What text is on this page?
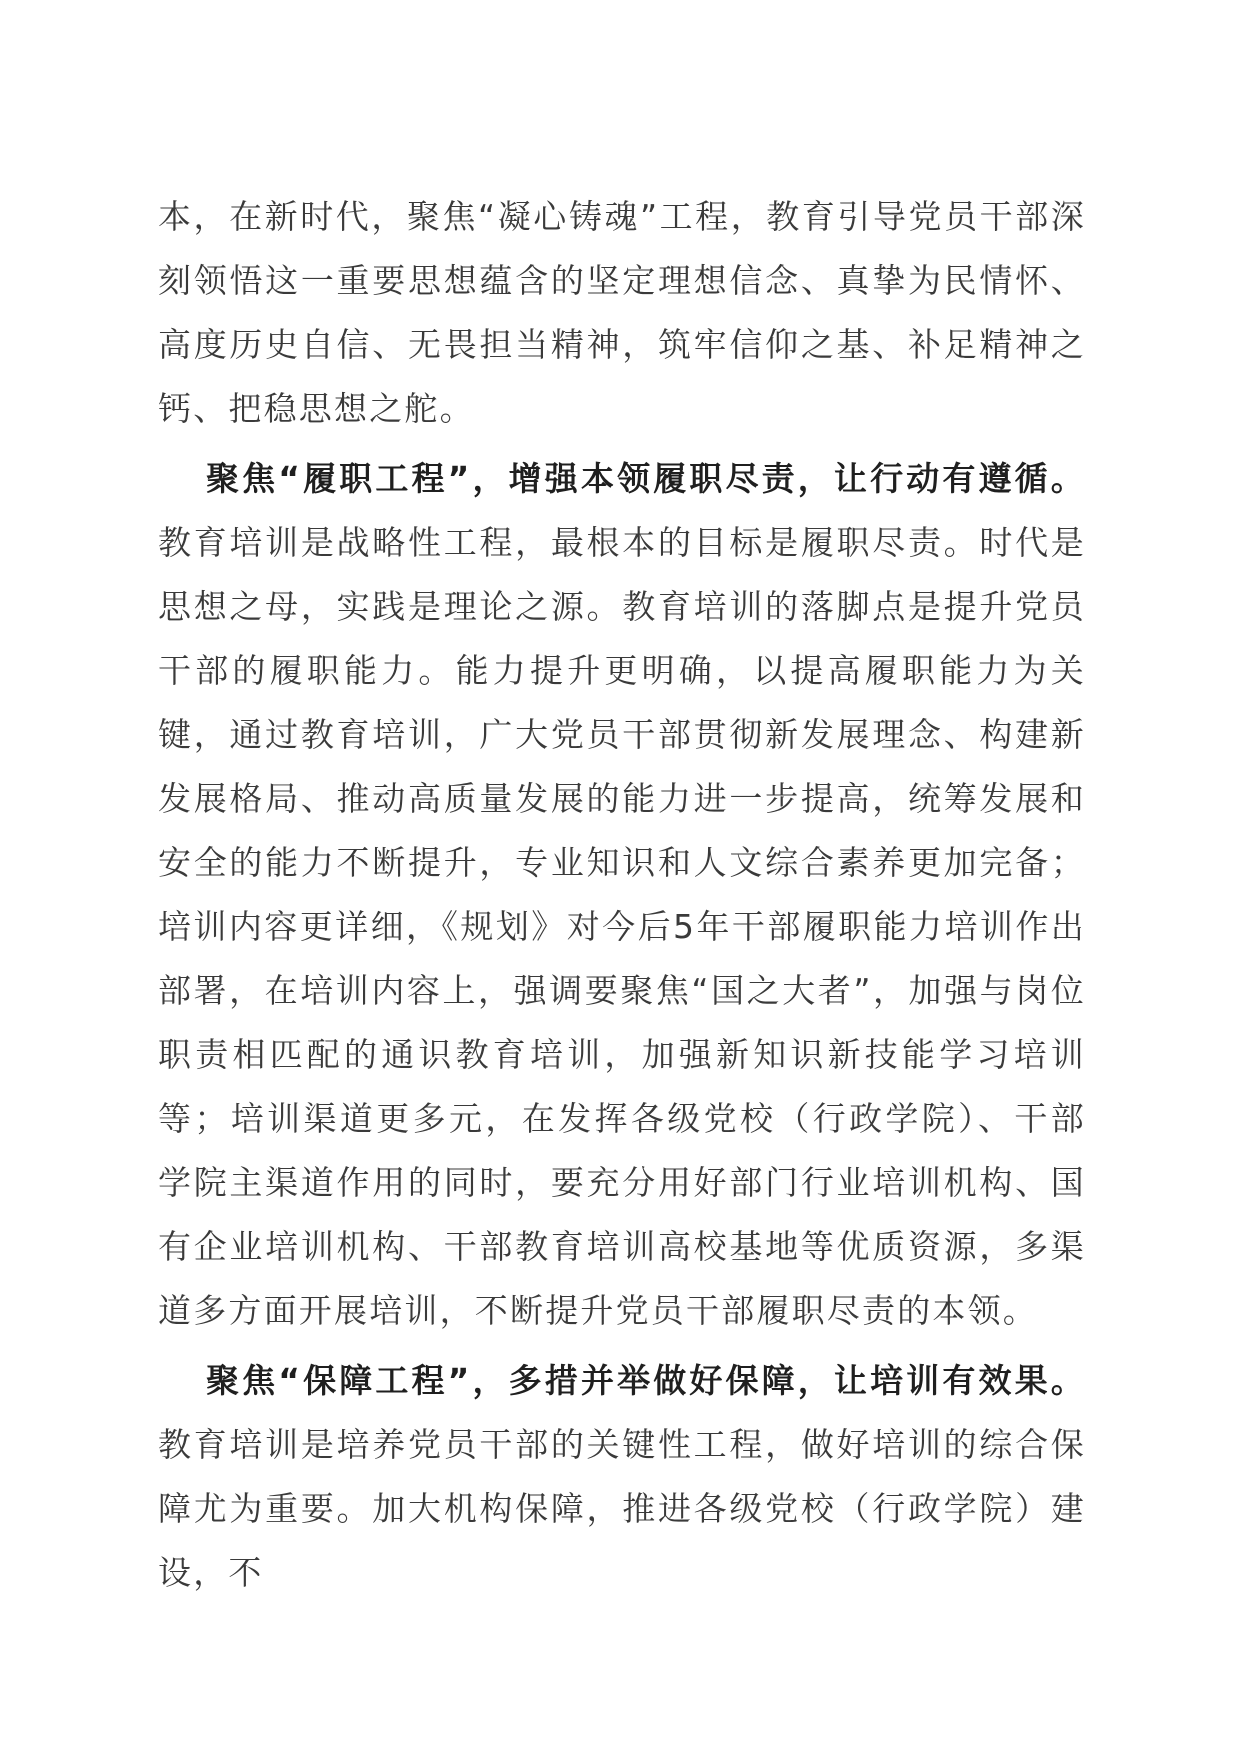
本，在新时代，聚焦“凝心铸魂”工程，教育引导党员干部深刻领悟这一重要思想蕴含的坚定理想信念、真挚为民情怀、高度历史自信、无畏担当精神，筑牢信仰之基、补足精神之钙、把稳思想之舵。

聚焦“履职工程”，增强本领履职尽责，让行动有遵循。教育培训是战略性工程，最根本的目标是履职尽责。时代是思想之母，实践是理论之源。教育培训的落脚点是提升党员干部的履职能力。能力提升更明确，以提高履职能力为关键，通过教育培训，广大党员干部贯彻新发展理念、构建新发展格局、推动高质量发展的能力进一步提高，统筹发展和安全的能力不断提升，专业知识和人文综合素养更加完备；培训内容更详细，《规划》对今后5年干部履职能力培训作出部署，在培训内容上，强调要聚焦“国之大者”，加强与岗位职责相匹配的通识教育培训，加强新知识新技能学习培训等；培训渠道更多元，在发挥各级党校（行政学院）、干部学院主渠道作用的同时，要充分用好部门行业培训机构、国有企业培训机构、干部教育培训高校基地等优质资源，多渠道多方面开展培训，不断提升党员干部履职尽责的本领。

聚焦“保障工程”，多措并举做好保障，让培训有效果。教育培训是培养党员干部的关键性工程，做好培训的综合保障尤为重要。加大机构保障，推进各级党校（行政学院）建设，不
